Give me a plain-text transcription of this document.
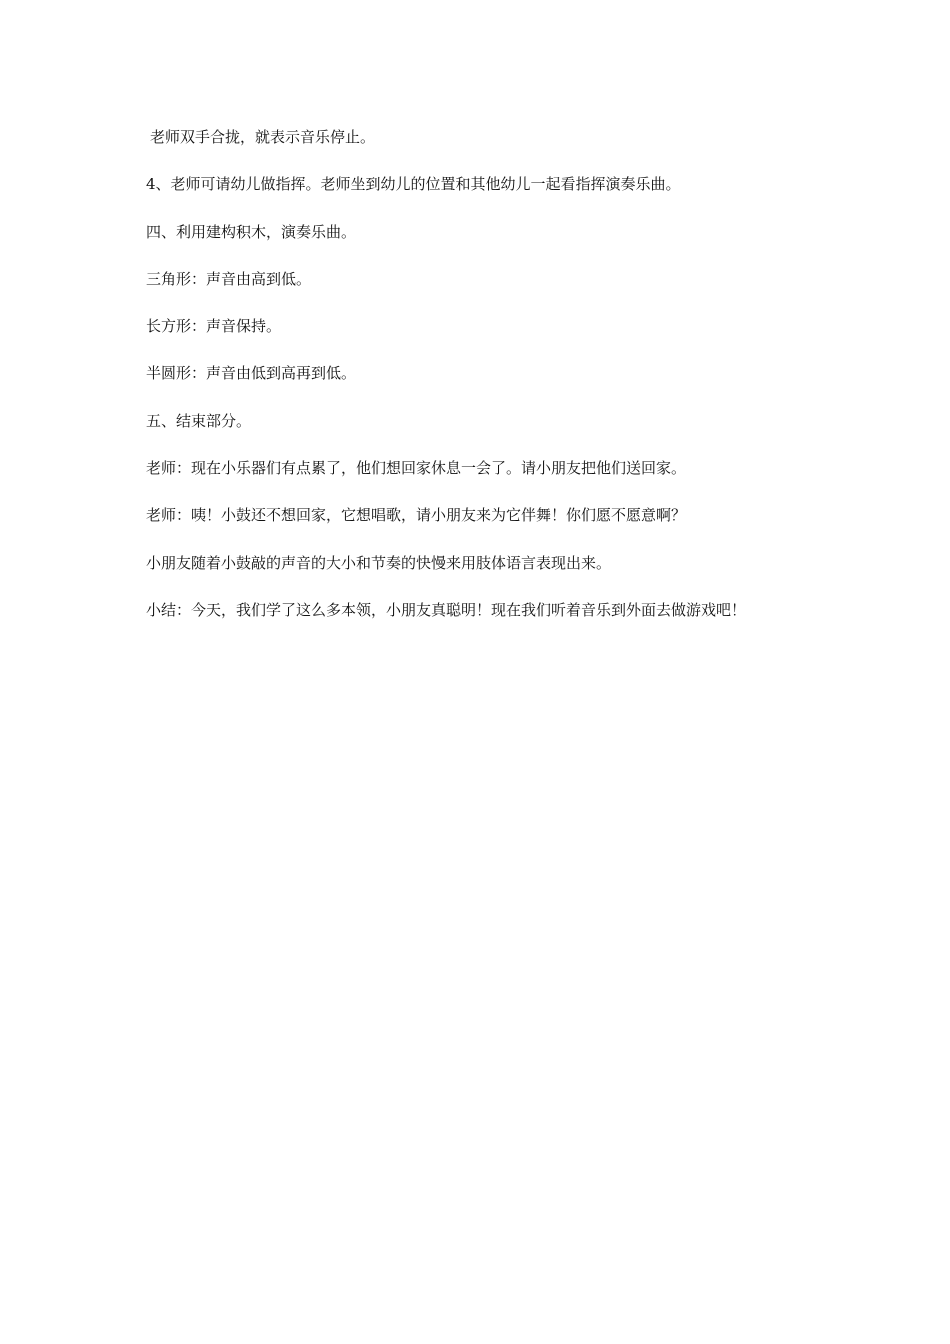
老师双手合拢，就表示音乐停止。

4、老师可请幼儿做指挥。老师坐到幼儿的位置和其他幼儿一起看指挥演奏乐曲。

四、利用建构积木，演奏乐曲。

三角形：声音由高到低。

长方形：声音保持。

半圆形：声音由低到高再到低。

五、结束部分。

老师：现在小乐器们有点累了，他们想回家休息一会了。请小朋友把他们送回家。

老师：咦！小鼓还不想回家，它想唱歌，请小朋友来为它伴舞！你们愿不愿意啊？

小朋友随着小鼓敲的声音的大小和节奏的快慢来用肢体语言表现出来。

小结：今天，我们学了这么多本领，小朋友真聪明！现在我们听着音乐到外面去做游戏吧！
